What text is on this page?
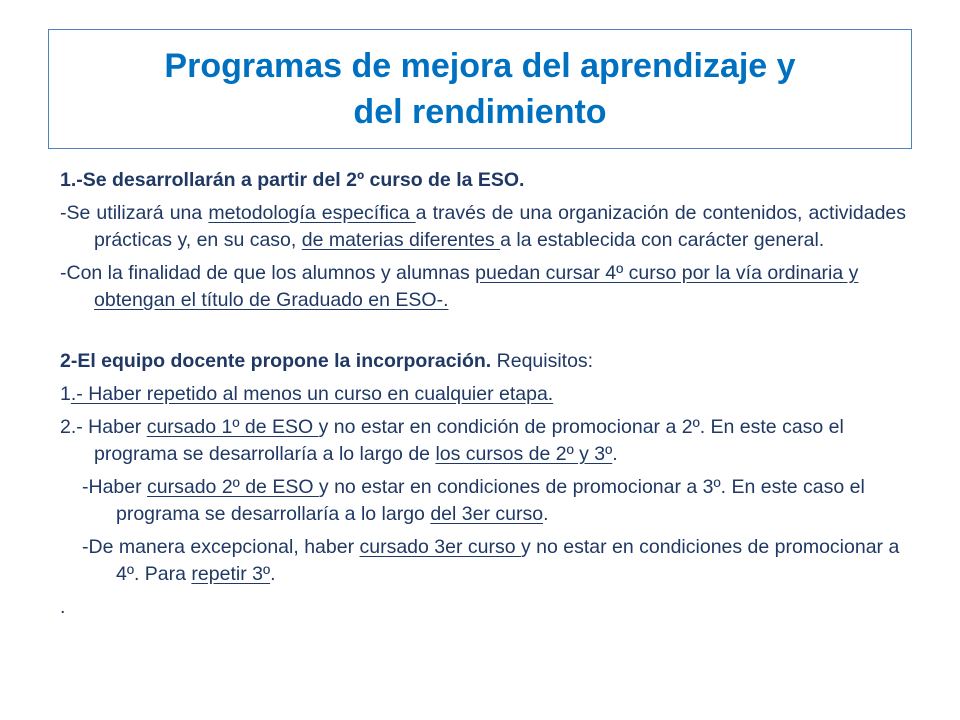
Programas de mejora del aprendizaje y
del rendimiento

1.-Se desarrollarán a partir del 2º curso de la ESO.

-Se utilizará una metodología específica a través de una organización de contenidos, actividades prácticas y, en su caso, de materias diferentes a la establecida con carácter general.

-Con la finalidad de que los alumnos y alumnas puedan cursar 4º curso por la vía ordinaria y obtengan el título de Graduado en ESO-.

2-El equipo docente propone la incorporación. Requisitos:

1.- Haber repetido al menos un curso en cualquier etapa.

2.- Haber cursado 1º de ESO y no estar en condición de promocionar a 2º. En este caso el programa se desarrollaría a lo largo de los cursos de 2º y 3º.

-Haber cursado 2º de ESO y no estar en condiciones de promocionar a 3º. En este caso el programa se desarrollaría a lo largo del 3er curso.

-De manera excepcional, haber cursado 3er curso y no estar en condiciones de promocionar a 4º. Para repetir 3º.

.
